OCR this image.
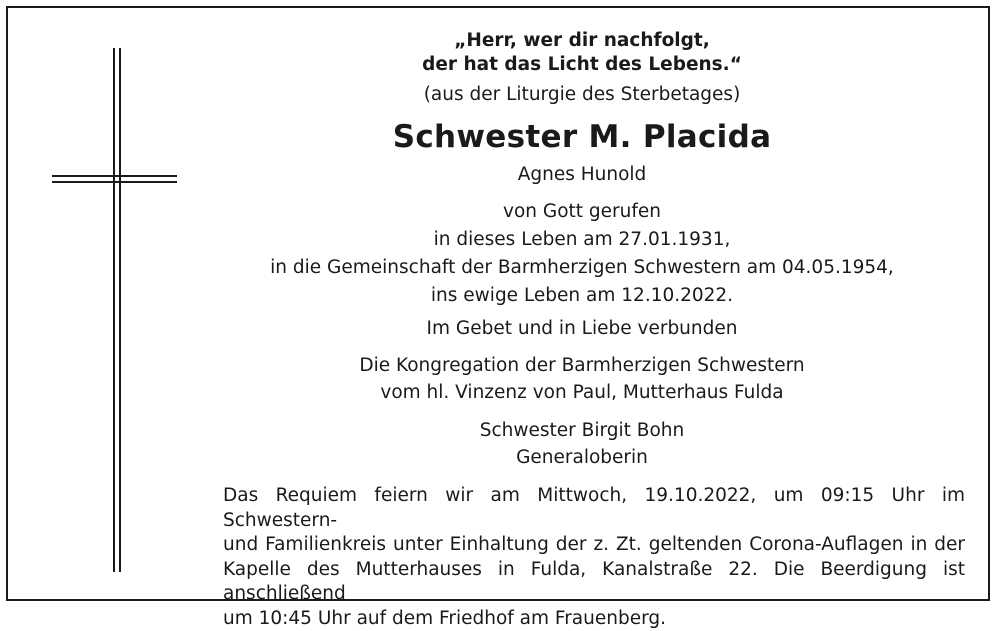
„Herr, wer dir nachfolgt,
der hat das Licht des Lebens.“
(aus der Liturgie des Sterbetages)
Schwester M. Placida
Agnes Hunold
von Gott gerufen
in dieses Leben am 27.01.1931,
in die Gemeinschaft der Barmherzigen Schwestern am 04.05.1954,
ins ewige Leben am 12.10.2022.
Im Gebet und in Liebe verbunden
Die Kongregation der Barmherzigen Schwestern
vom hl. Vinzenz von Paul, Mutterhaus Fulda
Schwester Birgit Bohn
Generaloberin
Das Requiem feiern wir am Mittwoch, 19.10.2022, um 09:15 Uhr im Schwestern-
und Familienkreis unter Einhaltung der z. Zt. geltenden Corona-Auflagen in der
Kapelle des Mutterhauses in Fulda, Kanalstraße 22. Die Beerdigung ist anschließend
um 10:45 Uhr auf dem Friedhof am Frauenberg.
